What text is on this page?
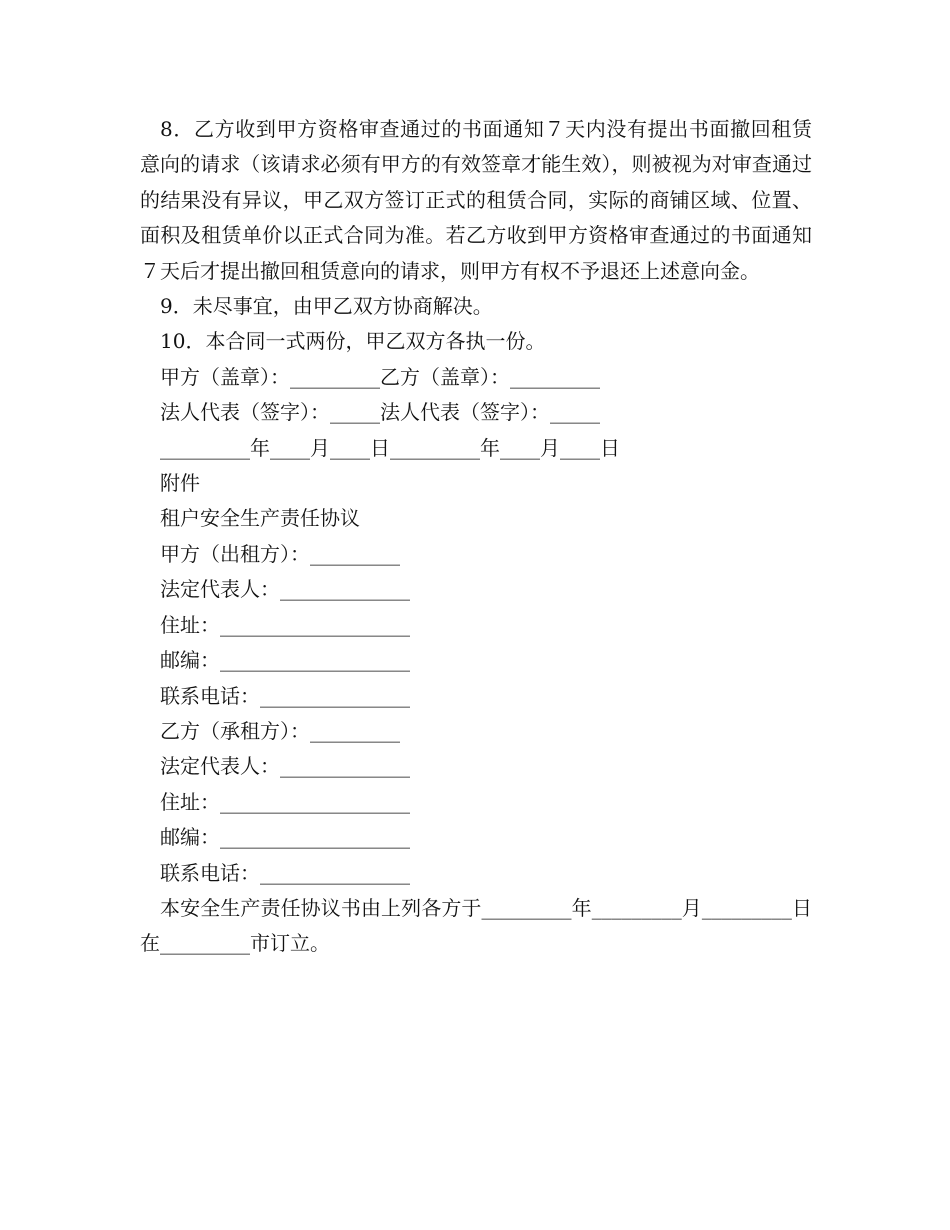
8．乙方收到甲方资格审查通过的书面通知７天内没有提出书面撤回租赁意向的请求（该请求必须有甲方的有效签章才能生效），则被视为对审查通过的结果没有异议，甲乙双方签订正式的租赁合同，实际的商铺区域、位置、面积及租赁单价以正式合同为准。若乙方收到甲方资格审查通过的书面通知７天后才提出撤回租赁意向的请求，则甲方有权不予退还上述意向金。

9．未尽事宜，由甲乙双方协商解决。

10．本合同一式两份，甲乙双方各执一份。

甲方（盖章）：_________乙方（盖章）：_________

法人代表（签字）：_____法人代表（签字）：_____

_________年____月____日_________年____月____日

附件

租户安全生产责任协议

甲方（出租方）：_________

法定代表人：_____________

住址：___________________

邮编：___________________

联系电话：_______________

乙方（承租方）：_________

法定代表人：_____________

住址：___________________

邮编：___________________

联系电话：_______________

本安全生产责任协议书由上列各方于_________年_________月_________日在_________市订立。
